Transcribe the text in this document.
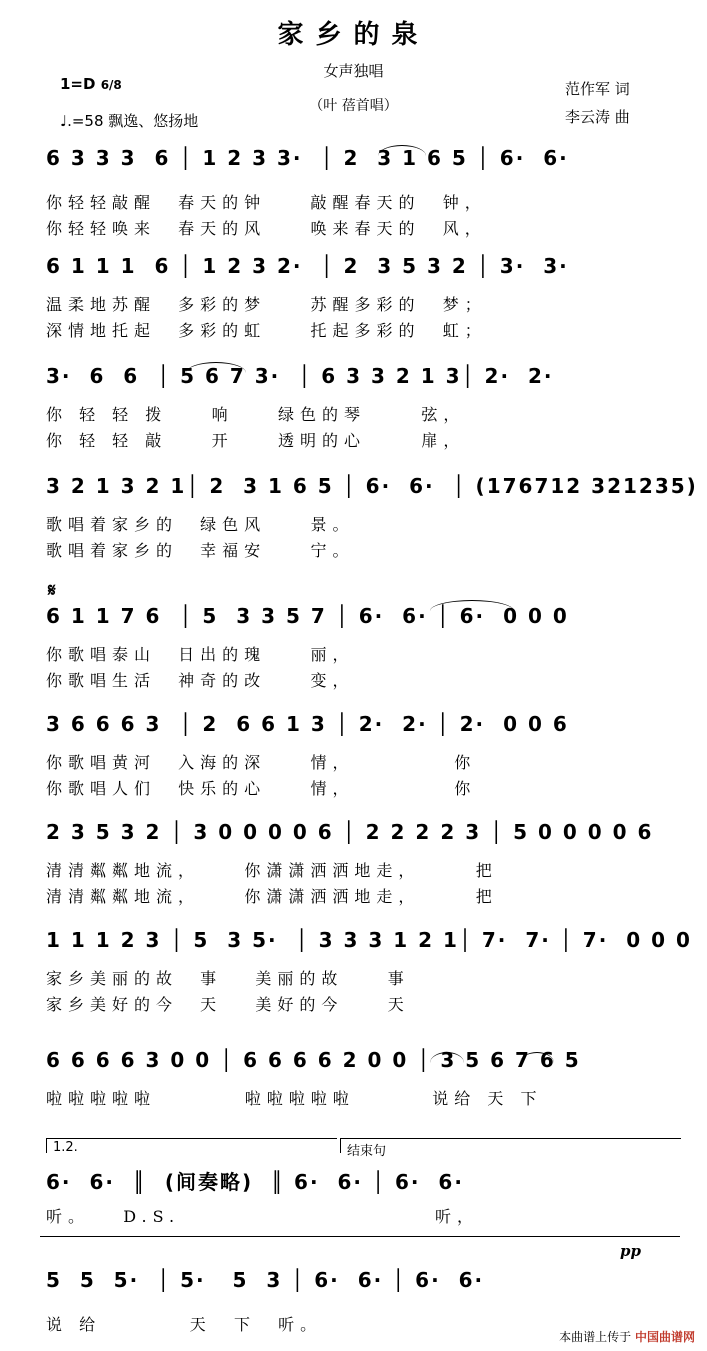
家乡的泉
女声独唱
（叶 蓓首唱）
1=D 6/8
♩.=58 飘逸、悠扬地
范作军 词
李云涛 曲
𝄋
6 3 3 3  6 │ 1 2 3 3·  │ 2  3 1 6 5 │ 6·  6·
你轻轻敲醒  春天的钟    敲醒春天的  钟，
你轻轻唤来  春天的风    唤来春天的  风，
6 1 1 1  6 │ 1 2 3 2·  │ 2  3 5 3 2 │ 3·  3·
温柔地苏醒  多彩的梦    苏醒多彩的  梦；
深情地托起  多彩的虹    托起多彩的  虹；
3·  6  6  │ 5 6 7 3·  │ 6 3 3 2 1 3│ 2·  2·
你 轻 轻 拨    响    绿色的琴     弦，
你 轻 轻 敲    开    透明的心     扉，
3 2 1 3 2 1│ 2  3 1 6 5 │ 6·  6·  │ (176712 321235)
歌唱着家乡的  绿色风    景。
歌唱着家乡的  幸福安    宁。
6 1 1 7 6  │ 5  3 3 5 7 │ 6·  6· │ 6·  0 0 0
你歌唱泰山  日出的瑰    丽，
你歌唱生活  神奇的改    变，
3 6 6 6 3  │ 2  6 6 1 3 │ 2·  2· │ 2·  0 0 6
你歌唱黄河  入海的深    情，         你
你歌唱人们  快乐的心    情，         你
2 3 5 3 2 │ 3 0 0 0 0 6 │ 2 2 2 2 3 │ 5 0 0 0 0 6
清清粼粼地流，    你潇潇洒洒地走，     把
清清粼粼地流，    你潇潇洒洒地走，     把
1 1 1 2 3 │ 5  3 5·  │ 3 3 3 1 2 1│ 7·  7· │ 7·  0 0 0
家乡美丽的故  事   美丽的故    事
家乡美好的今  天   美好的今    天
6 6 6 6 3 0 0 │ 6 6 6 6 2 0 0 │ 3 5 6 7 6 5
啦啦啦啦啦        啦啦啦啦啦       说给 天 下
6·  6·  ║  (间奏略)  ║ 6·  6· │ 6·  6·
听。   D.S.                       听，
5  5  5·  │ 5·   5  3 │ 6·  6· │ 6·  6·
说 给        天  下  听。
1.2.	结束句
pp
本曲谱上传于 中国曲谱网
